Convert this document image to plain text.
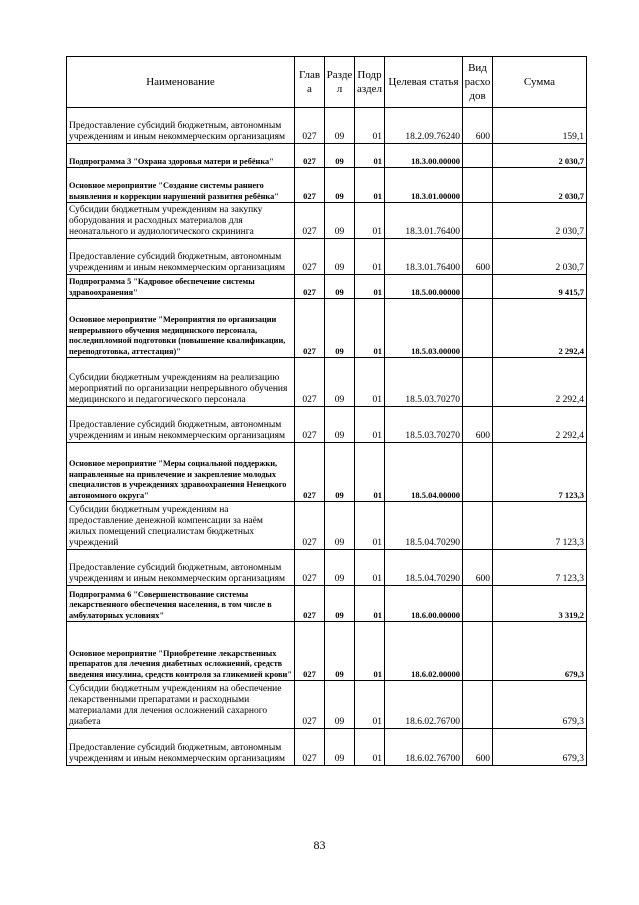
Наименование	Глав а	Разде л	Подр аздел	Целевая статья	Вид расхо дов	Сумма
Предоставление субсидий бюджетным, автономным учреждениям и иным некоммерческим организациям	027	09	01	18.2.09.76240	600	159,1
Подпрограмма 3 "Охрана здоровья матери и ребёнка"	027	09	01	18.3.00.00000		2 030,7
Основное мероприятие "Создание системы раннего выявления и коррекции нарушений развития ребёнка"	027	09	01	18.3.01.00000		2 030,7
Субсидии бюджетным учреждениям на закупку оборудования и расходных материалов для неонатального и аудиологического скрининга	027	09	01	18.3.01.76400		2 030,7
Предоставление субсидий бюджетным, автономным учреждениям и иным некоммерческим организациям	027	09	01	18.3.01.76400	600	2 030,7
Подпрограмма 5 "Кадровое обеспечение системы здравоохранения"	027	09	01	18.5.00.00000		9 415,7
Основное мероприятие "Мероприятия по организации непрерывного обучения медицинского персонала, последипломной подготовки (повышение квалификации, переподготовка, аттестация)"	027	09	01	18.5.03.00000		2 292,4
Субсидии бюджетным учреждениям на реализацию мероприятий по организации непрерывного обучения медицинского и педагогического персонала	027	09	01	18.5.03.70270		2 292,4
Предоставление субсидий бюджетным, автономным учреждениям и иным некоммерческим организациям	027	09	01	18.5.03.70270	600	2 292,4
Основное мероприятие "Меры социальной поддержки, направленные на привлечение и закрепление молодых специалистов в учреждениях здравоохранения Ненецкого автономного округа"	027	09	01	18.5.04.00000		7 123,3
Субсидии бюджетным учреждениям на предоставление денежной компенсации за наём жилых помещений специалистам бюджетных учреждений	027	09	01	18.5.04.70290		7 123,3
Предоставление субсидий бюджетным, автономным учреждениям и иным некоммерческим организациям	027	09	01	18.5.04.70290	600	7 123,3
Подпрограмма 6 "Совершенствование системы лекарственного обеспечения населения, в том числе в амбулаторных условиях"	027	09	01	18.6.00.00000		3 319,2
Основное мероприятие "Приобретение лекарственных препаратов для лечения диабетных осложнений, средств введения инсулина, средств контроля за гликемией крови"	027	09	01	18.6.02.00000		679,3
Субсидии бюджетным учреждениям на обеспечение лекарственными препаратами и расходными материалами для лечения осложнений сахарного диабета	027	09	01	18.6.02.76700		679,3
Предоставление субсидий бюджетным, автономным учреждениям и иным некоммерческим организациям	027	09	01	18.6.02.76700	600	679,3
83
